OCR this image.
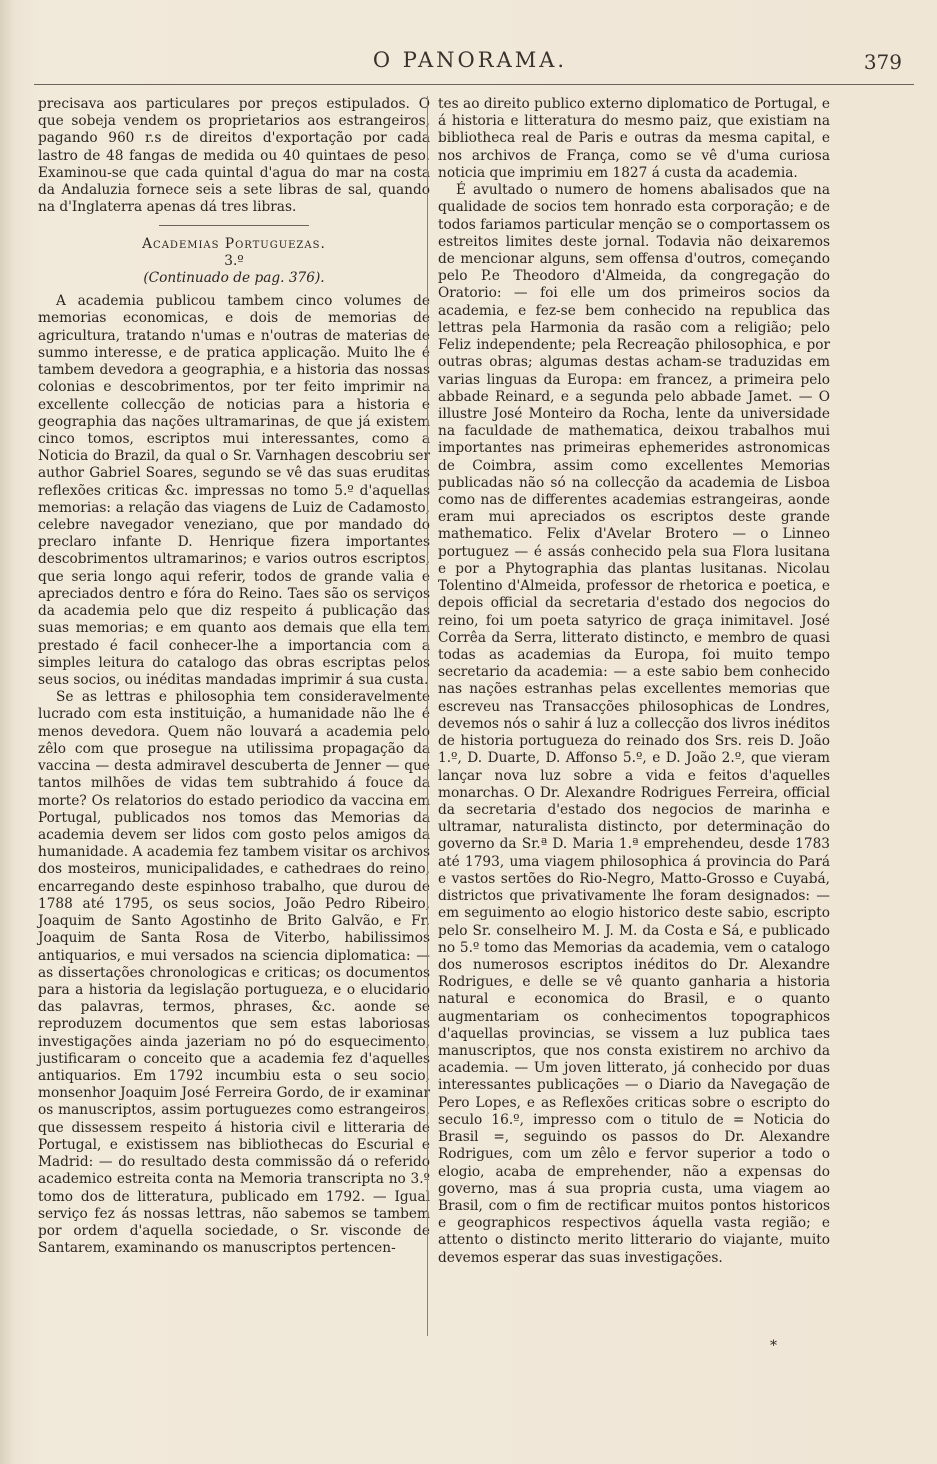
O PANORAMA.	379

precisava aos particulares por preços estipulados. O que sobeja vendem os proprietarios aos estrangeiros, pagando 960 r.s de direitos d'exportação por cada lastro de 48 fangas de medida ou 40 quintaes de peso. Examinou-se que cada quintal d'agua do mar na costa da Andaluzia fornece seis a sete libras de sal, quando na d'Inglaterra apenas dá tres libras.

Academias Portuguezas.

3.º

(Continuado de pag. 376).

A academia publicou tambem cinco volumes de memorias economicas, e dois de memorias de agricultura, tratando n'umas e n'outras de materias de summo interesse, e de pratica applicação. Muito lhe é tambem devedora a geographia, e a historia das nossas colonias e descobrimentos, por ter feito imprimir na excellente collecção de noticias para a historia e geographia das nações ultramarinas, de que já existem cinco tomos, escriptos mui interessantes, como a Noticia do Brazil, da qual o Sr. Varnhagen descobriu ser author Gabriel Soares, segundo se vê das suas eruditas reflexões criticas &c. impressas no tomo 5.º d'aquellas memorias: a relação das viagens de Luiz de Cadamosto, celebre navegador veneziano, que por mandado do preclaro infante D. Henrique fizera importantes descobrimentos ultramarinos; e varios outros escriptos, que seria longo aqui referir, todos de grande valia e apreciados dentro e fóra do Reino. Taes são os serviços da academia pelo que diz respeito á publicação das suas memorias; e em quanto aos demais que ella tem prestado é facil conhecer-lhe a importancia com a simples leitura do catalogo das obras escriptas pelos seus socios, ou inéditas mandadas imprimir á sua custa.

Se as lettras e philosophia tem consideravelmente lucrado com esta instituição, a humanidade não lhe é menos devedora. Quem não louvará a academia pelo zêlo com que prosegue na utilissima propagação da vaccina — desta admiravel descuberta de Jenner — que tantos milhões de vidas tem subtrahido á fouce da morte? Os relatorios do estado periodico da vaccina em Portugal, publicados nos tomos das Memorias da academia devem ser lidos com gosto pelos amigos da humanidade. A academia fez tambem visitar os archivos dos mosteiros, municipalidades, e cathedraes do reino, encarregando deste espinhoso trabalho, que durou de 1788 até 1795, os seus socios, João Pedro Ribeiro, Joaquim de Santo Agostinho de Brito Galvão, e Fr. Joaquim de Santa Rosa de Viterbo, habilissimos antiquarios, e mui versados na sciencia diplomatica: — as dissertações chronologicas e criticas; os documentos para a historia da legislação portugueza, e o elucidario das palavras, termos, phrases, &c. aonde se reproduzem documentos que sem estas laboriosas investigações ainda jazeriam no pó do esquecimento, justificaram o conceito que a academia fez d'aquelles antiquarios. Em 1792 incumbiu esta o seu socio, monsenhor Joaquim José Ferreira Gordo, de ir examinar os manuscriptos, assim portuguezes como estrangeiros, que dissessem respeito á historia civil e litteraria de Portugal, e existissem nas bibliothecas do Escurial e Madrid: — do resultado desta commissão dá o referido academico estreita conta na Memoria transcripta no 3.º tomo dos de litteratura, publicado em 1792. — Igual serviço fez ás nossas lettras, não sabemos se tambem por ordem d'aquella sociedade, o Sr. visconde de Santarem, examinando os manuscriptos pertencen-

tes ao direito publico externo diplomatico de Portugal, e á historia e litteratura do mesmo paiz, que existiam na bibliotheca real de Paris e outras da mesma capital, e nos archivos de França, como se vê d'uma curiosa noticia que imprimiu em 1827 á custa da academia.

É avultado o numero de homens abalisados que na qualidade de socios tem honrado esta corporação; e de todos fariamos particular menção se o comportassem os estreitos limites deste jornal. Todavia não deixaremos de mencionar alguns, sem offensa d'outros, começando pelo P.e Theodoro d'Almeida, da congregação do Oratorio: — foi elle um dos primeiros socios da academia, e fez-se bem conhecido na republica das lettras pela Harmonia da rasão com a religião; pelo Feliz independente; pela Recreação philosophica, e por outras obras; algumas destas acham-se traduzidas em varias linguas da Europa: em francez, a primeira pelo abbade Reinard, e a segunda pelo abbade Jamet. — O illustre José Monteiro da Rocha, lente da universidade na faculdade de mathematica, deixou trabalhos mui importantes nas primeiras ephemerides astronomicas de Coimbra, assim como excellentes Memorias publicadas não só na collecção da academia de Lisboa como nas de differentes academias estrangeiras, aonde eram mui apreciados os escriptos deste grande mathematico. Felix d'Avelar Brotero — o Linneo portuguez — é assás conhecido pela sua Flora lusitana e por a Phytographia das plantas lusitanas. Nicolau Tolentino d'Almeida, professor de rhetorica e poetica, e depois official da secretaria d'estado dos negocios do reino, foi um poeta satyrico de graça inimitavel. José Corrêa da Serra, litterato distincto, e membro de quasi todas as academias da Europa, foi muito tempo secretario da academia: — a este sabio bem conhecido nas nações estranhas pelas excellentes memorias que escreveu nas Transacções philosophicas de Londres, devemos nós o sahir á luz a collecção dos livros inéditos de historia portugueza do reinado dos Srs. reis D. João 1.º, D. Duarte, D. Affonso 5.º, e D. João 2.º, que vieram lançar nova luz sobre a vida e feitos d'aquelles monarchas. O Dr. Alexandre Rodrigues Ferreira, official da secretaria d'estado dos negocios de marinha e ultramar, naturalista distincto, por determinação do governo da Sr.ª D. Maria 1.ª emprehendeu, desde 1783 até 1793, uma viagem philosophica á provincia do Pará e vastos sertões do Rio-Negro, Matto-Grosso e Cuyabá, districtos que privativamente lhe foram designados: — em seguimento ao elogio historico deste sabio, escripto pelo Sr. conselheiro M. J. M. da Costa e Sá, e publicado no 5.º tomo das Memorias da academia, vem o catalogo dos numerosos escriptos inéditos do Dr. Alexandre Rodrigues, e delle se vê quanto ganharia a historia natural e economica do Brasil, e o quanto augmentariam os conhecimentos topographicos d'aquellas provincias, se vissem a luz publica taes manuscriptos, que nos consta existirem no archivo da academia. — Um joven litterato, já conhecido por duas interessantes publicações — o Diario da Navegação de Pero Lopes, e as Reflexões criticas sobre o escripto do seculo 16.º, impresso com o titulo de = Noticia do Brasil =, seguindo os passos do Dr. Alexandre Rodrigues, com um zêlo e fervor superior a todo o elogio, acaba de emprehender, não a expensas do governo, mas á sua propria custa, uma viagem ao Brasil, com o fim de rectificar muitos pontos historicos e geographicos respectivos áquella vasta região; e attento o distincto merito litterario do viajante, muito devemos esperar das suas investigações.

*
